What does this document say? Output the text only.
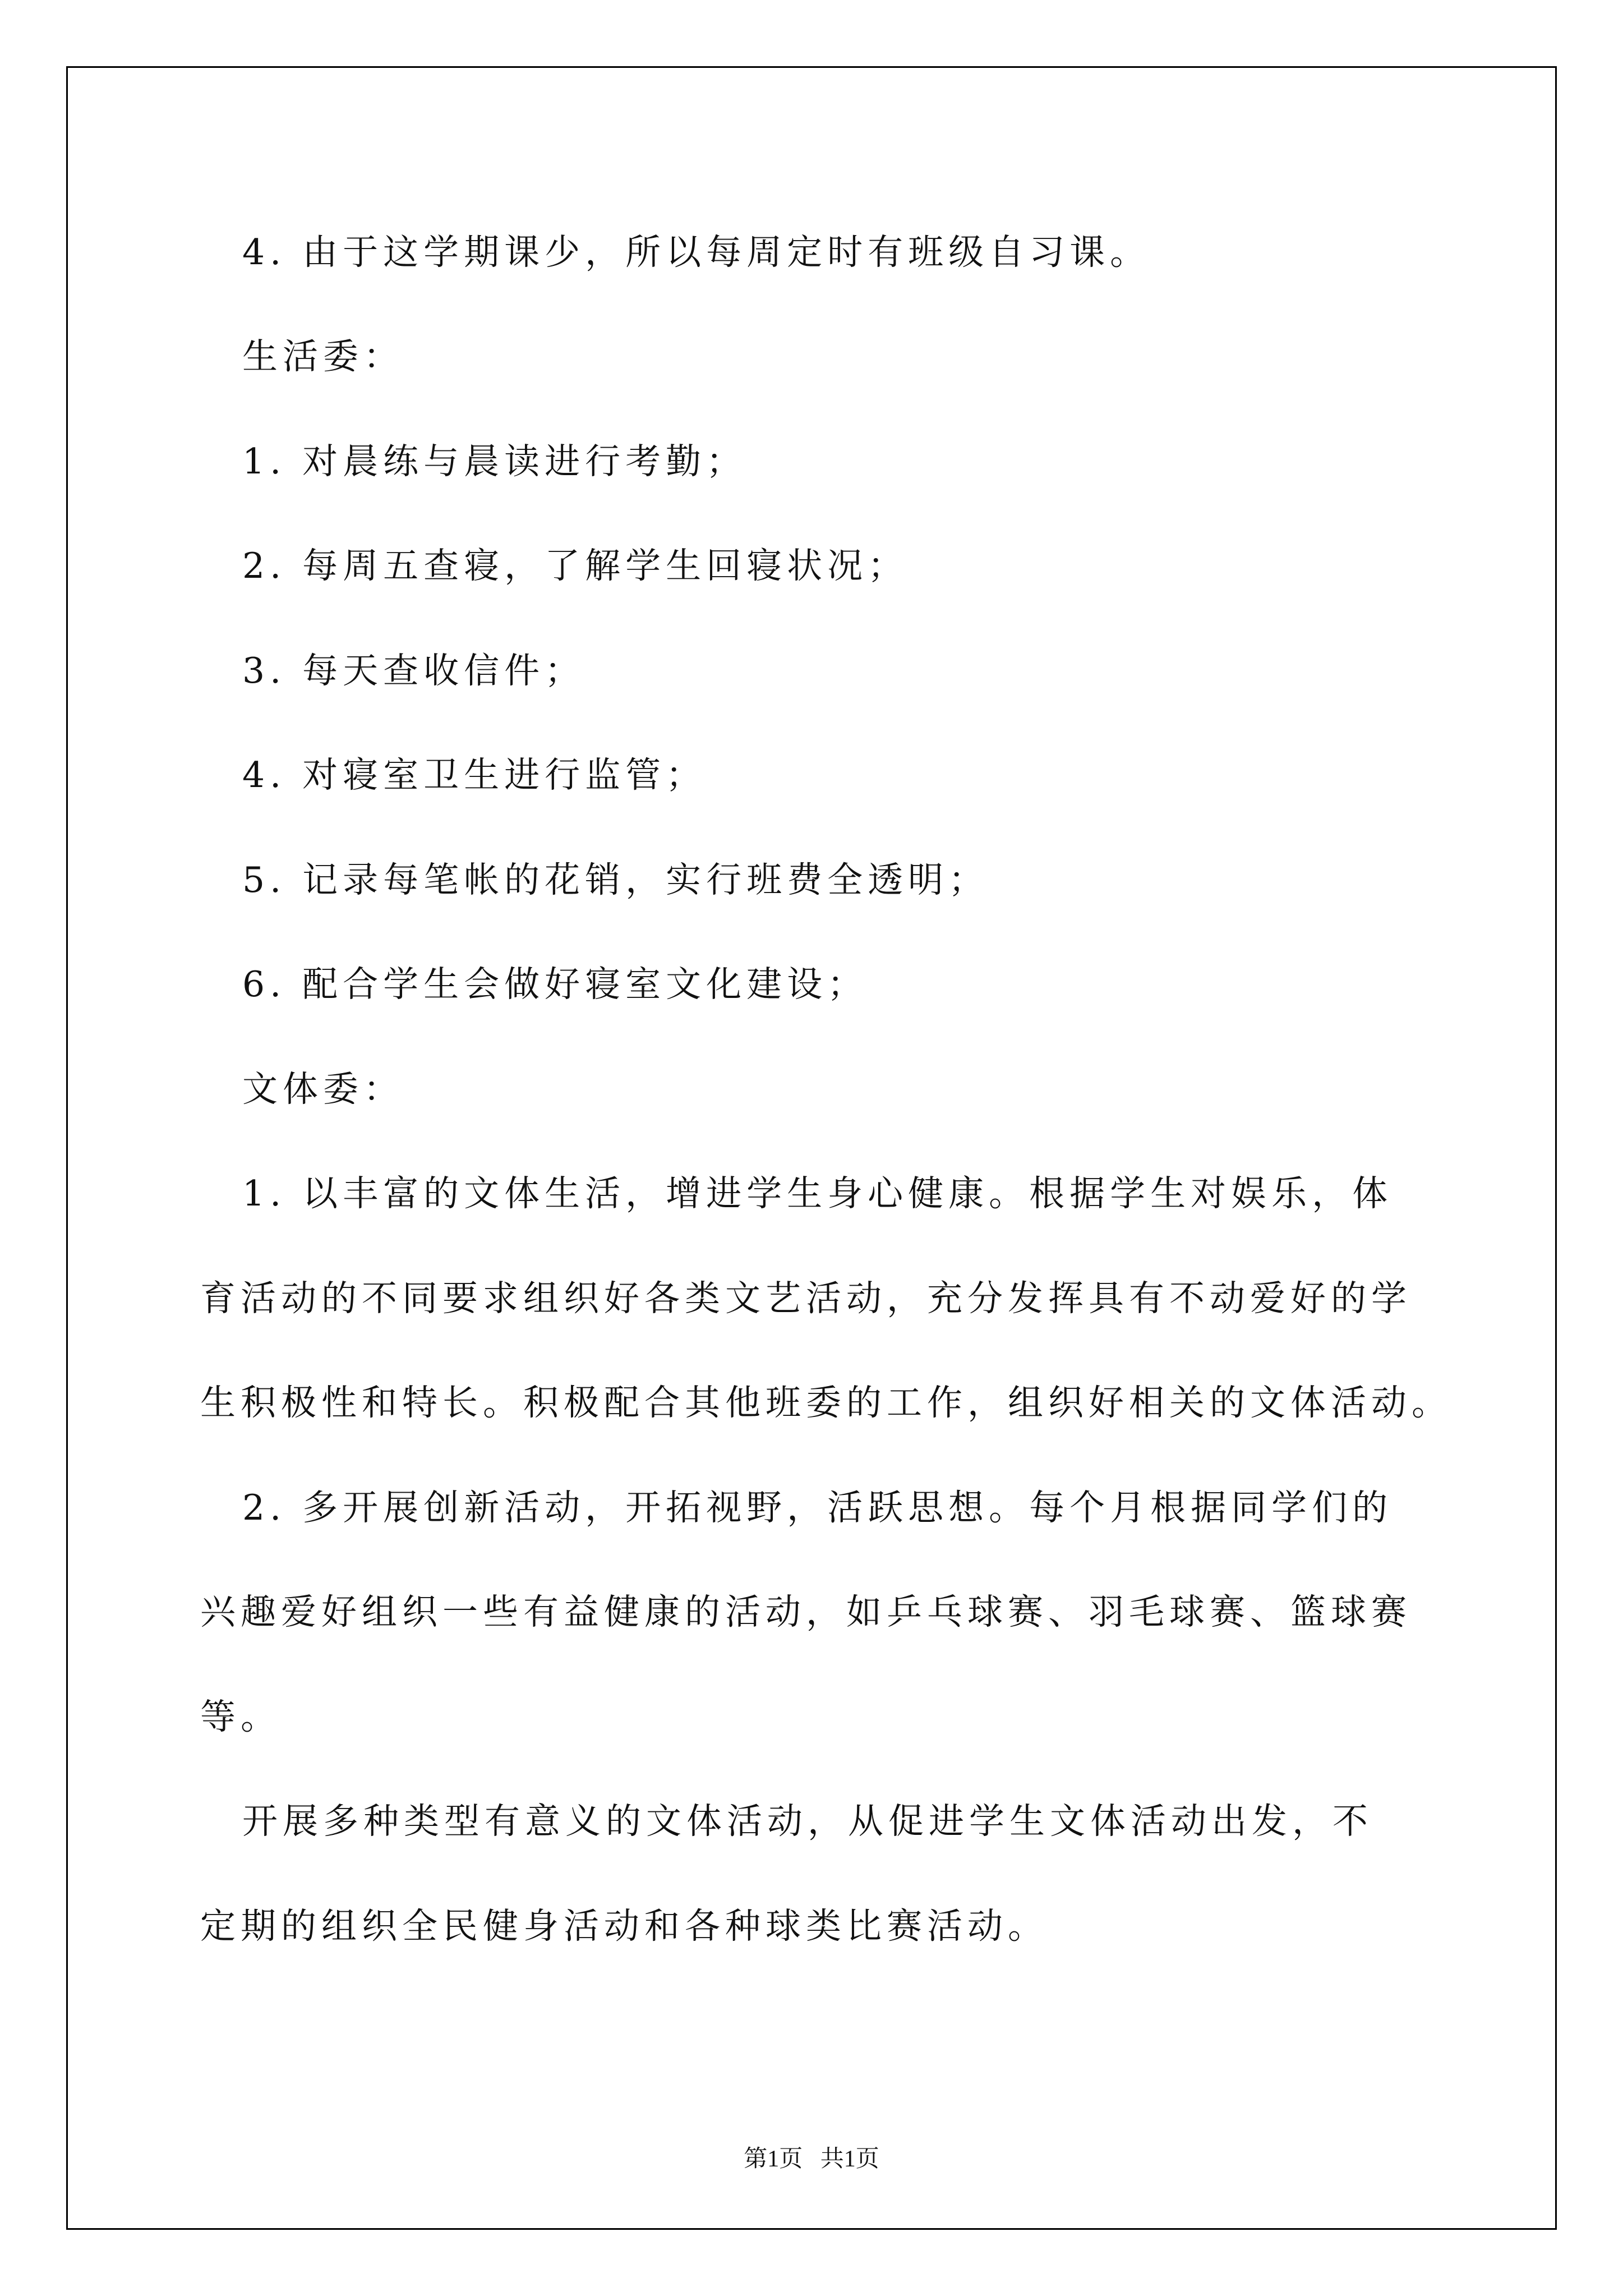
4. 由于这学期课少，所以每周定时有班级自习课。
生活委：
1. 对晨练与晨读进行考勤；
2. 每周五查寝，了解学生回寝状况；
3. 每天查收信件；
4. 对寝室卫生进行监管；
5. 记录每笔帐的花销，实行班费全透明；
6. 配合学生会做好寝室文化建设；
文体委：
1. 以丰富的文体生活，增进学生身心健康。根据学生对娱乐，体
育活动的不同要求组织好各类文艺活动，充分发挥具有不动爱好的学
生积极性和特长。积极配合其他班委的工作，组织好相关的文体活动。
2. 多开展创新活动，开拓视野，活跃思想。每个月根据同学们的
兴趣爱好组织一些有益健康的活动，如乒乓球赛、羽毛球赛、篮球赛
等。
开展多种类型有意义的文体活动，从促进学生文体活动出发，不
定期的组织全民健身活动和各种球类比赛活动。
第1页   共1页
